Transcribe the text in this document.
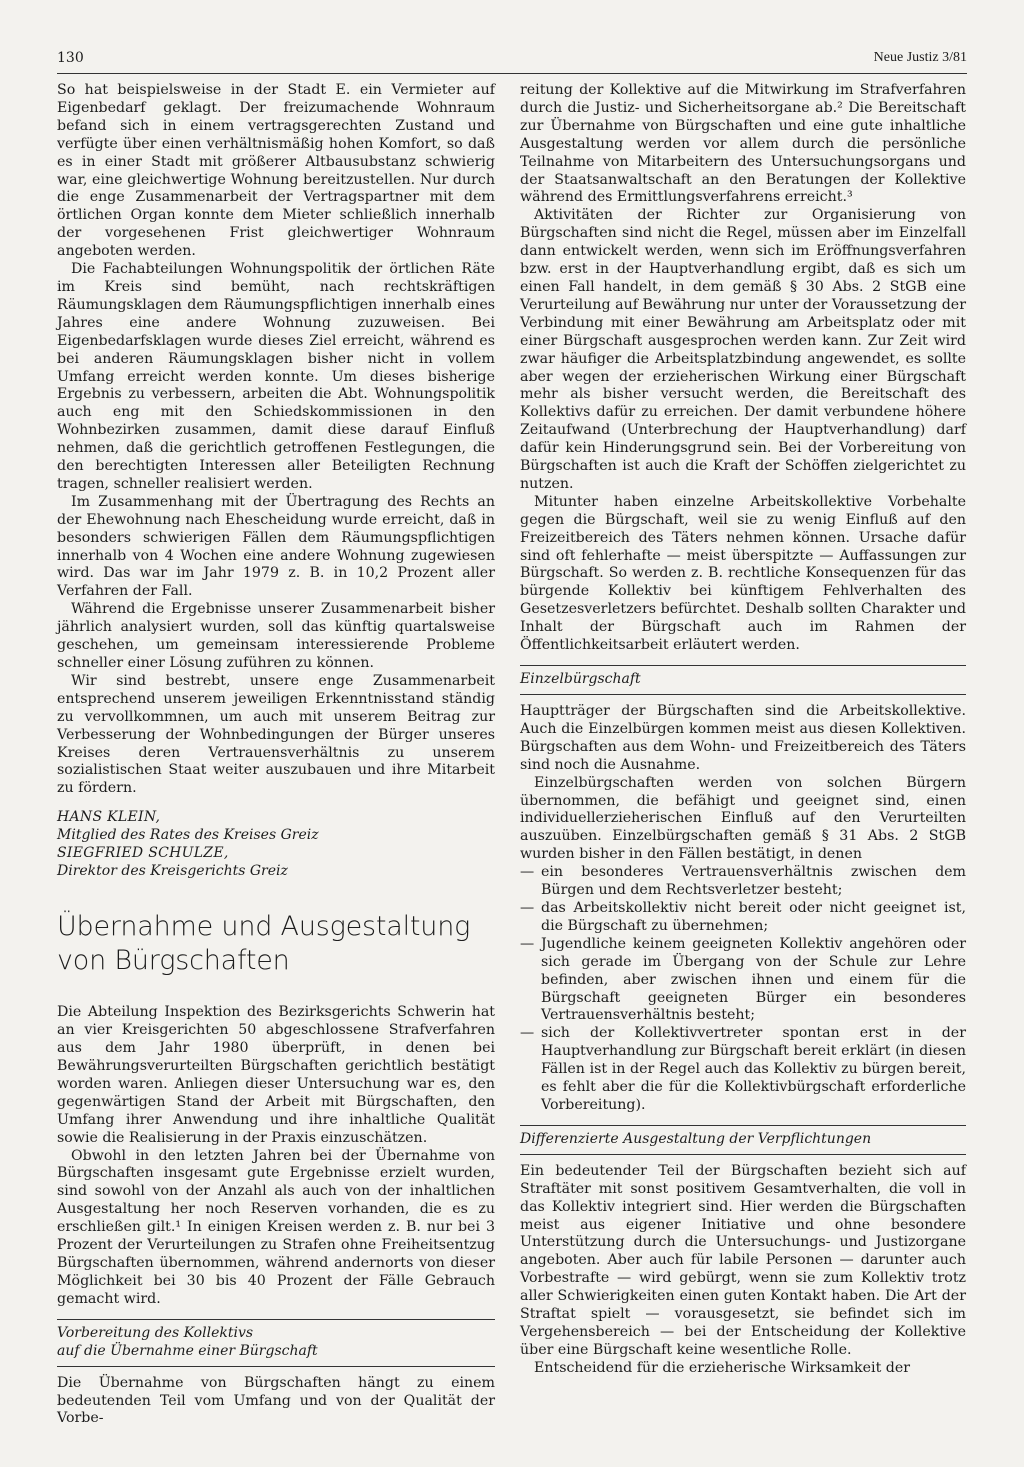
130	Neue Justiz 3/81

So hat beispielsweise in der Stadt E. ein Vermieter auf Eigenbedarf geklagt. Der freizumachende Wohnraum befand sich in einem vertragsgerechten Zustand und verfügte über einen verhältnismäßig hohen Komfort, so daß es in einer Stadt mit größerer Altbausubstanz schwierig war, eine gleichwertige Wohnung bereitzustellen. Nur durch die enge Zusammenarbeit der Vertragspartner mit dem örtlichen Organ konnte dem Mieter schließlich innerhalb der vorgesehenen Frist gleichwertiger Wohnraum angeboten werden.

Die Fachabteilungen Wohnungspolitik der örtlichen Räte im Kreis sind bemüht, nach rechtskräftigen Räumungsklagen dem Räumungspflichtigen innerhalb eines Jahres eine andere Wohnung zuzuweisen. Bei Eigenbedarfsklagen wurde dieses Ziel erreicht, während es bei anderen Räumungsklagen bisher nicht in vollem Umfang erreicht werden konnte. Um dieses bisherige Ergebnis zu verbessern, arbeiten die Abt. Wohnungspolitik auch eng mit den Schiedskommissionen in den Wohnbezirken zusammen, damit diese darauf Einfluß nehmen, daß die gerichtlich getroffenen Festlegungen, die den berechtigten Interessen aller Beteiligten Rechnung tragen, schneller realisiert werden.

Im Zusammenhang mit der Übertragung des Rechts an der Ehewohnung nach Ehescheidung wurde erreicht, daß in besonders schwierigen Fällen dem Räumungspflichtigen innerhalb von 4 Wochen eine andere Wohnung zugewiesen wird. Das war im Jahr 1979 z. B. in 10,2 Prozent aller Verfahren der Fall.

Während die Ergebnisse unserer Zusammenarbeit bisher jährlich analysiert wurden, soll das künftig quartalsweise geschehen, um gemeinsam interessierende Probleme schneller einer Lösung zuführen zu können.

Wir sind bestrebt, unsere enge Zusammenarbeit entsprechend unserem jeweiligen Erkenntnisstand ständig zu vervollkommnen, um auch mit unserem Beitrag zur Verbesserung der Wohnbedingungen der Bürger unseres Kreises deren Vertrauensverhältnis zu unserem sozialistischen Staat weiter auszubauen und ihre Mitarbeit zu fördern.

HANS KLEIN,
Mitglied des Rates des Kreises Greiz
SIEGFRIED SCHULZE,
Direktor des Kreisgerichts Greiz
Übernahme und Ausgestaltung
von Bürgschaften

Die Abteilung Inspektion des Bezirksgerichts Schwerin hat an vier Kreisgerichten 50 abgeschlossene Strafverfahren aus dem Jahr 1980 überprüft, in denen bei Bewährungsverurteilten Bürgschaften gerichtlich bestätigt worden waren. Anliegen dieser Untersuchung war es, den gegenwärtigen Stand der Arbeit mit Bürgschaften, den Umfang ihrer Anwendung und ihre inhaltliche Qualität sowie die Realisierung in der Praxis einzuschätzen.

Obwohl in den letzten Jahren bei der Übernahme von Bürgschaften insgesamt gute Ergebnisse erzielt wurden, sind sowohl von der Anzahl als auch von der inhaltlichen Ausgestaltung her noch Reserven vorhanden, die es zu erschließen gilt.¹ In einigen Kreisen werden z. B. nur bei 3 Prozent der Verurteilungen zu Strafen ohne Freiheitsentzug Bürgschaften übernommen, während andernorts von dieser Möglichkeit bei 30 bis 40 Prozent der Fälle Gebrauch gemacht wird.

Vorbereitung des Kollektivs
auf die Übernahme einer Bürgschaft

Die Übernahme von Bürgschaften hängt zu einem bedeutenden Teil vom Umfang und von der Qualität der Vorbe-

reitung der Kollektive auf die Mitwirkung im Strafverfahren durch die Justiz- und Sicherheitsorgane ab.² Die Bereitschaft zur Übernahme von Bürgschaften und eine gute inhaltliche Ausgestaltung werden vor allem durch die persönliche Teilnahme von Mitarbeitern des Untersuchungsorgans und der Staatsanwaltschaft an den Beratungen der Kollektive während des Ermittlungsverfahrens erreicht.³

Aktivitäten der Richter zur Organisierung von Bürgschaften sind nicht die Regel, müssen aber im Einzelfall dann entwickelt werden, wenn sich im Eröffnungsverfahren bzw. erst in der Hauptverhandlung ergibt, daß es sich um einen Fall handelt, in dem gemäß § 30 Abs. 2 StGB eine Verurteilung auf Bewährung nur unter der Voraussetzung der Verbindung mit einer Bewährung am Arbeitsplatz oder mit einer Bürgschaft ausgesprochen werden kann. Zur Zeit wird zwar häufiger die Arbeitsplatzbindung angewendet, es sollte aber wegen der erzieherischen Wirkung einer Bürgschaft mehr als bisher versucht werden, die Bereitschaft des Kollektivs dafür zu erreichen. Der damit verbundene höhere Zeitaufwand (Unterbrechung der Hauptverhandlung) darf dafür kein Hinderungsgrund sein. Bei der Vorbereitung von Bürgschaften ist auch die Kraft der Schöffen zielgerichtet zu nutzen.

Mitunter haben einzelne Arbeitskollektive Vorbehalte gegen die Bürgschaft, weil sie zu wenig Einfluß auf den Freizeitbereich des Täters nehmen können. Ursache dafür sind oft fehlerhafte — meist überspitzte — Auffassungen zur Bürgschaft. So werden z. B. rechtliche Konsequenzen für das bürgende Kollektiv bei künftigem Fehlverhalten des Gesetzesverletzers befürchtet. Deshalb sollten Charakter und Inhalt der Bürgschaft auch im Rahmen der Öffentlichkeitsarbeit erläutert werden.

Einzelbürgschaft

Hauptträger der Bürgschaften sind die Arbeitskollektive. Auch die Einzelbürgen kommen meist aus diesen Kollektiven. Bürgschaften aus dem Wohn- und Freizeitbereich des Täters sind noch die Ausnahme.

Einzelbürgschaften werden von solchen Bürgern übernommen, die befähigt und geeignet sind, einen individuellerzieherischen Einfluß auf den Verurteilten auszuüben. Einzelbürgschaften gemäß § 31 Abs. 2 StGB wurden bisher in den Fällen bestätigt, in denen

— ein besonderes Vertrauensverhältnis zwischen dem Bürgen und dem Rechtsverletzer besteht;
— das Arbeitskollektiv nicht bereit oder nicht geeignet ist, die Bürgschaft zu übernehmen;
— Jugendliche keinem geeigneten Kollektiv angehören oder sich gerade im Übergang von der Schule zur Lehre befinden, aber zwischen ihnen und einem für die Bürgschaft geeigneten Bürger ein besonderes Vertrauensverhältnis besteht;
— sich der Kollektivvertreter spontan erst in der Hauptverhandlung zur Bürgschaft bereit erklärt (in diesen Fällen ist in der Regel auch das Kollektiv zu bürgen bereit, es fehlt aber die für die Kollektivbürgschaft erforderliche Vorbereitung).
Differenzierte Ausgestaltung der Verpflichtungen

Ein bedeutender Teil der Bürgschaften bezieht sich auf Straftäter mit sonst positivem Gesamtverhalten, die voll in das Kollektiv integriert sind. Hier werden die Bürgschaften meist aus eigener Initiative und ohne besondere Unterstützung durch die Untersuchungs- und Justizorgane angeboten. Aber auch für labile Personen — darunter auch Vorbestrafte — wird gebürgt, wenn sie zum Kollektiv trotz aller Schwierigkeiten einen guten Kontakt haben. Die Art der Straftat spielt — vorausgesetzt, sie befindet sich im Vergehensbereich — bei der Entscheidung der Kollektive über eine Bürgschaft keine wesentliche Rolle.

Entscheidend für die erzieherische Wirksamkeit der
